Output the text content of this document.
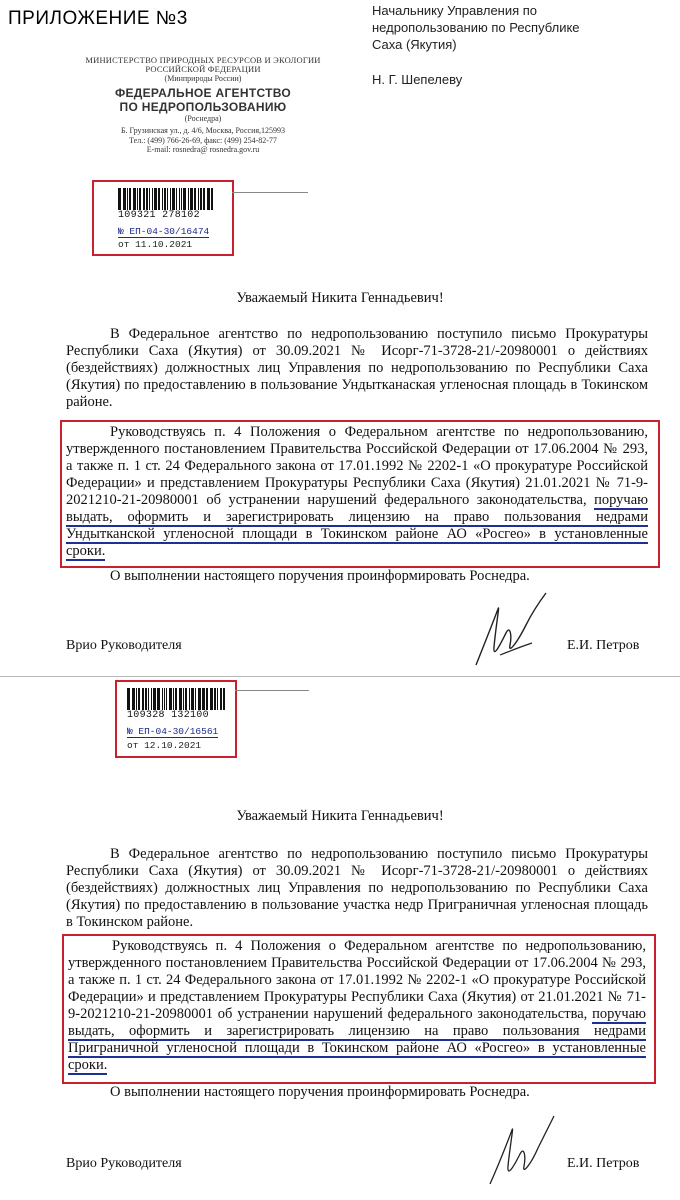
ПРИЛОЖЕНИЕ №3	Начальнику Управления по
недропользованию по Республике
Саха (Якутия)
Н. Г. Шепелеву
МИНИСТЕРСТВО ПРИРОДНЫХ РЕСУРСОВ И ЭКОЛОГИИ
РОССИЙСКОЙ ФЕДЕРАЦИИ
(Минприроды России)
ФЕДЕРАЛЬНОЕ АГЕНТСТВО
ПО НЕДРОПОЛЬЗОВАНИЮ
(Роснедра)
Б. Грузинская ул., д. 4/6, Москва, Россия,125993
Тел.: (499) 766-26-69, факс: (499) 254-82-77
E-mail: rosnedra@ rosnedra.gov.ru
109321 278102
№ ЕП-04-30/16474
от 11.10.2021
Уважаемый Никита Геннадьевич!

В Федеральное агентство по недропользованию поступило письмо Прокуратуры Республики Саха (Якутия) от 30.09.2021 № Исорг-71-3728-21/-20980001 о действиях (бездействиях) должностных лиц Управления по недропользованию по Республики Саха (Якутия) по предоставлению в пользование Ундытканаская угленосная площадь в Токинском районе.

Руководствуясь п. 4 Положения о Федеральном агентстве по недропользованию, утвержденного постановлением Правительства Российской Федерации от 17.06.2004 № 293, а также п. 1 ст. 24 Федерального закона от 17.01.1992 № 2202-1 «О прокуратуре Российской Федерации» и представлением Прокуратуры Республики Саха (Якутия) 21.01.2021 № 71-9-2021210-21-20980001 об устранении нарушений федерального законодательства, поручаю выдать, оформить и зарегистрировать лицензию на право пользования недрами Ундытканской угленосной площади в Токинском районе АО «Росгео» в установленные сроки.

О выполнении настоящего поручения проинформировать Роснедра.

Врио Руководителя	Е.И. Петров
109328 132100
№ ЕП-04-30/16561
от 12.10.2021
Уважаемый Никита Геннадьевич!

В Федеральное агентство по недропользованию поступило письмо Прокуратуры Республики Саха (Якутия) от 30.09.2021 № Исорг-71-3728-21/-20980001 о действиях (бездействиях) должностных лиц Управления по недропользованию по Республики Саха (Якутия) по предоставлению в пользование участка недр Приграничная угленосная площадь в Токинском районе.

Руководствуясь п. 4 Положения о Федеральном агентстве по недропользованию, утвержденного постановлением Правительства Российской Федерации от 17.06.2004 № 293, а также п. 1 ст. 24 Федерального закона от 17.01.1992 № 2202-1 «О прокуратуре Российской Федерации» и представлением Прокуратуры Республики Саха (Якутия) от 21.01.2021 № 71-9-2021210-21-20980001 об устранении нарушений федерального законодательства, поручаю выдать, оформить и зарегистрировать лицензию на право пользования недрами Приграничной угленосной площади в Токинском районе АО «Росгео» в установленные сроки.

О выполнении настоящего поручения проинформировать Роснедра.

Врио Руководителя	Е.И. Петров
